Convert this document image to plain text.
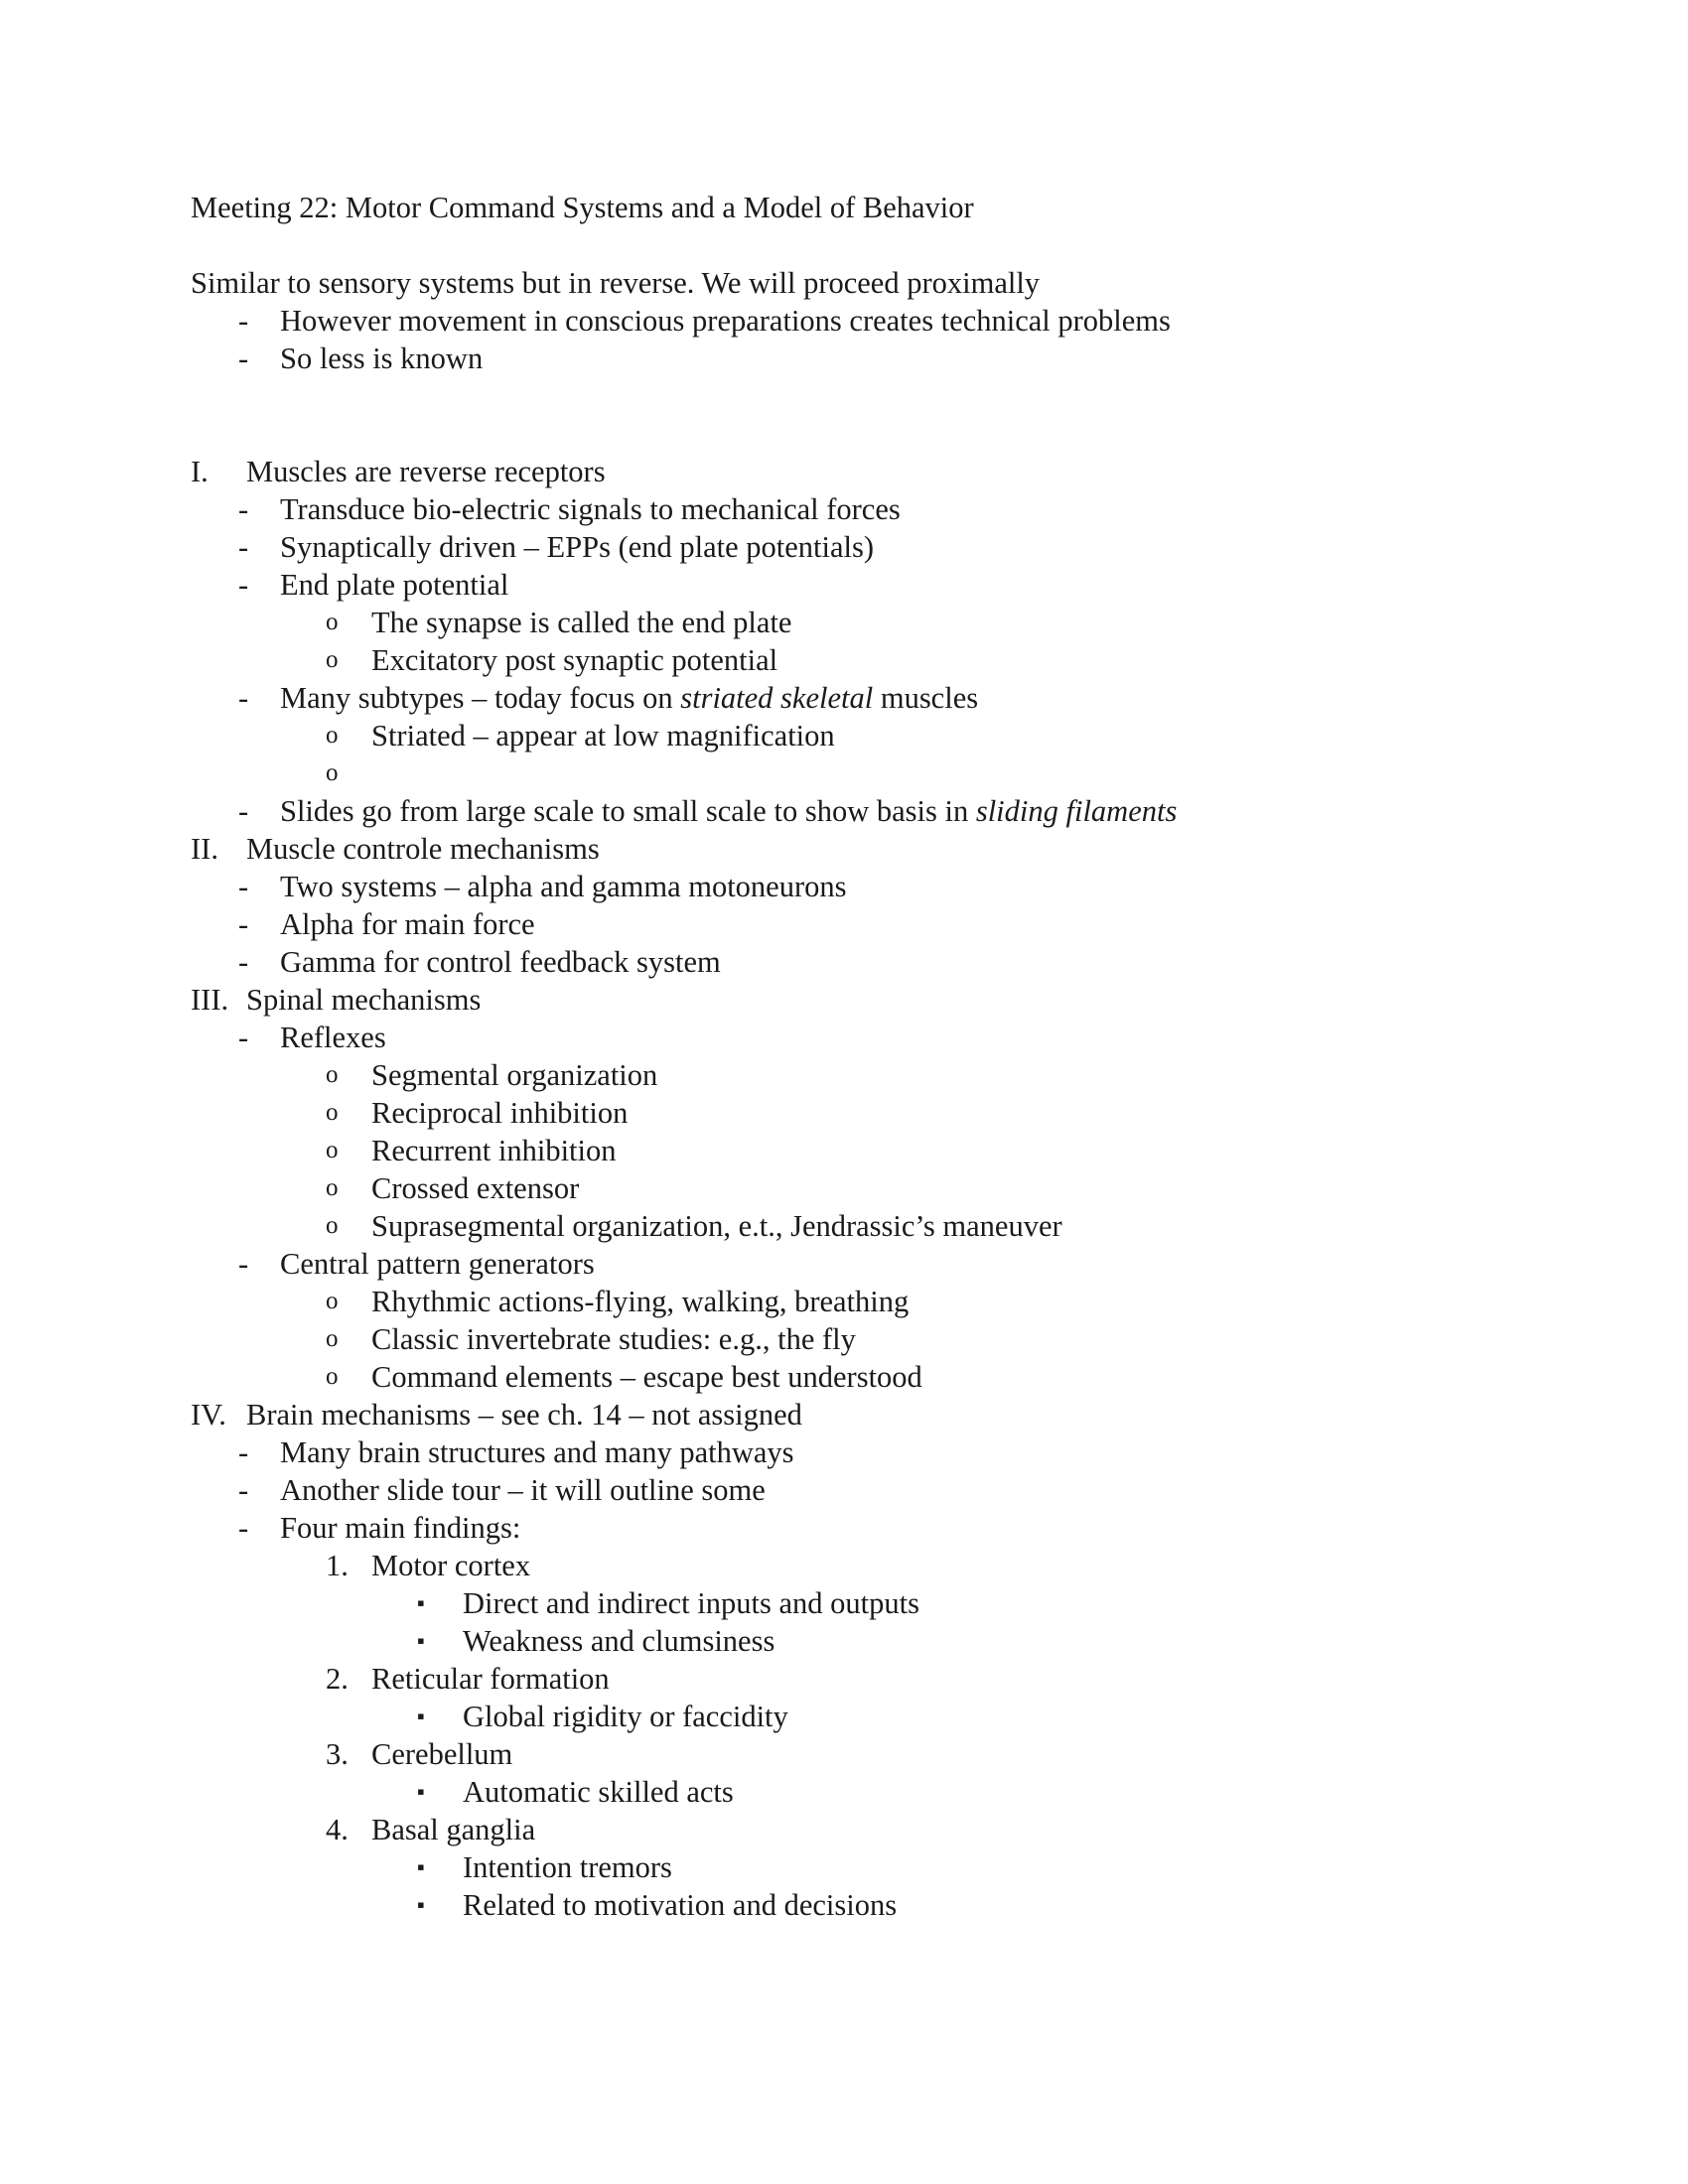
Meeting 22: Motor Command Systems and a Model of Behavior
Similar to sensory systems but in reverse. We will proceed proximally
-	However movement in conscious preparations creates technical problems
-	So less is known
I.	Muscles are reverse receptors
-	Transduce bio-electric signals to mechanical forces
-	Synaptically driven – EPPs (end plate potentials)
-	End plate potential
o	The synapse is called the end plate
o	Excitatory post synaptic potential
-	Many subtypes – today focus on striated skeletal muscles
o	Striated – appear at low magnification
o
-	Slides go from large scale to small scale to show basis in sliding filaments
II. Muscle controle mechanisms
-	Two systems – alpha and gamma motoneurons
-	Alpha for main force
-	Gamma for control feedback system
III. Spinal mechanisms
-	Reflexes
o	Segmental organization
o	Reciprocal inhibition
o	Recurrent inhibition
o	Crossed extensor
o	Suprasegmental organization, e.t., Jendrassic’s maneuver
-	Central pattern generators
o	Rhythmic actions-flying, walking, breathing
o	Classic invertebrate studies: e.g., the fly
o	Command elements – escape best understood
IV. Brain mechanisms – see ch. 14 – not assigned
-	Many brain structures and many pathways
-	Another slide tour – it will outline some
-	Four main findings:
1. Motor cortex
▪	Direct and indirect inputs and outputs
▪	Weakness and clumsiness
2. Reticular formation
▪	Global rigidity or faccidity
3. Cerebellum
▪	Automatic skilled acts
4. Basal ganglia
▪	Intention tremors
▪	Related to motivation and decisions
